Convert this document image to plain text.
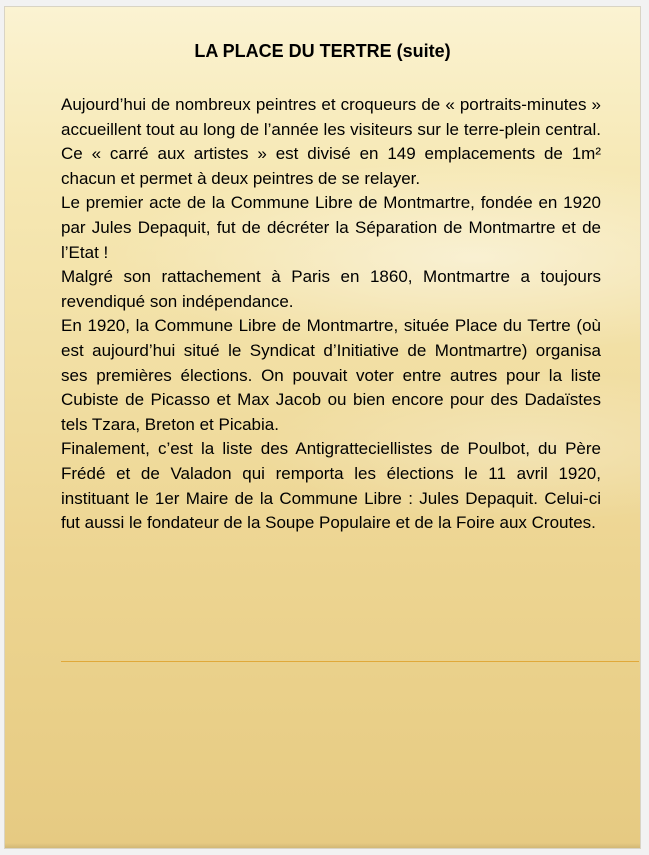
LA PLACE DU TERTRE (suite)

Aujourd’hui de nombreux peintres et croqueurs de « portraits-minutes » accueillent tout au long de l’année les visiteurs sur le terre-plein central. Ce « carré aux artistes » est divisé en 149 emplacements de 1m² chacun et permet à deux peintres de se relayer.

Le premier acte de la Commune Libre de Montmartre, fondée en 1920 par Jules Depaquit, fut de décréter la Séparation de Montmartre et de l’Etat !

Malgré son rattachement à Paris en 1860, Montmartre a toujours revendiqué son indépendance.

En 1920, la Commune Libre de Montmartre, située Place du Tertre (où est aujourd’hui situé le Syndicat d’Initiative de Montmartre) organisa ses premières élections. On pouvait voter entre autres pour la liste Cubiste de Picasso et Max Jacob ou bien encore pour des Dadaïstes tels Tzara, Breton et Picabia.

Finalement, c’est la liste des Antigratteciellistes de Poulbot, du Père Frédé et de Valadon qui remporta les élections le 11 avril 1920, instituant le 1er Maire de la Commune Libre : Jules Depaquit. Celui-ci fut aussi le fondateur de la Soupe Populaire et de la Foire aux Croutes.
